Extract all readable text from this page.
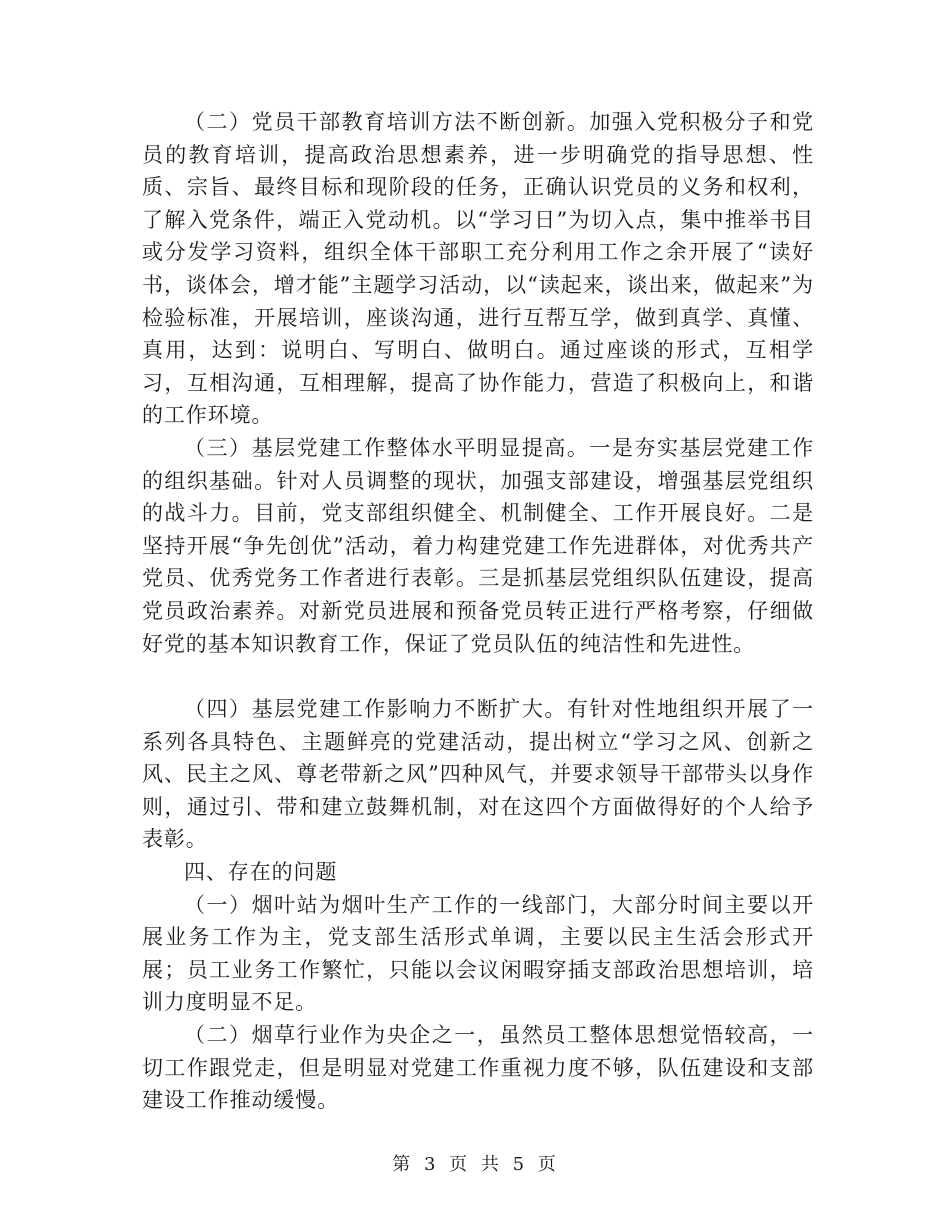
（二）党员干部教育培训方法不断创新。加强入党积极分子和党员的教育培训，提高政治思想素养，进一步明确党的指导思想、性质、宗旨、最终目标和现阶段的任务，正确认识党员的义务和权利，了解入党条件，端正入党动机。以“学习日”为切入点，集中推举书目或分发学习资料，组织全体干部职工充分利用工作之余开展了“读好书，谈体会，增才能”主题学习活动，以“读起来，谈出来，做起来”为检验标准，开展培训，座谈沟通，进行互帮互学，做到真学、真懂、真用，达到：说明白、写明白、做明白。通过座谈的形式，互相学习，互相沟通，互相理解，提高了协作能力，营造了积极向上，和谐的工作环境。

（三）基层党建工作整体水平明显提高。一是夯实基层党建工作的组织基础。针对人员调整的现状，加强支部建设，增强基层党组织的战斗力。目前，党支部组织健全、机制健全、工作开展良好。二是坚持开展“争先创优”活动，着力构建党建工作先进群体，对优秀共产党员、优秀党务工作者进行表彰。三是抓基层党组织队伍建设，提高党员政治素养。对新党员进展和预备党员转正进行严格考察，仔细做好党的基本知识教育工作，保证了党员队伍的纯洁性和先进性。

（四）基层党建工作影响力不断扩大。有针对性地组织开展了一系列各具特色、主题鲜亮的党建活动，提出树立“学习之风、创新之风、民主之风、尊老带新之风”四种风气，并要求领导干部带头以身作则，通过引、带和建立鼓舞机制，对在这四个方面做得好的个人给予表彰。

四、存在的问题

（一）烟叶站为烟叶生产工作的一线部门，大部分时间主要以开展业务工作为主，党支部生活形式单调，主要以民主生活会形式开展；员工业务工作繁忙，只能以会议闲暇穿插支部政治思想培训，培训力度明显不足。

（二）烟草行业作为央企之一，虽然员工整体思想觉悟较高，一切工作跟党走，但是明显对党建工作重视力度不够，队伍建设和支部建设工作推动缓慢。

第 3 页 共 5 页
